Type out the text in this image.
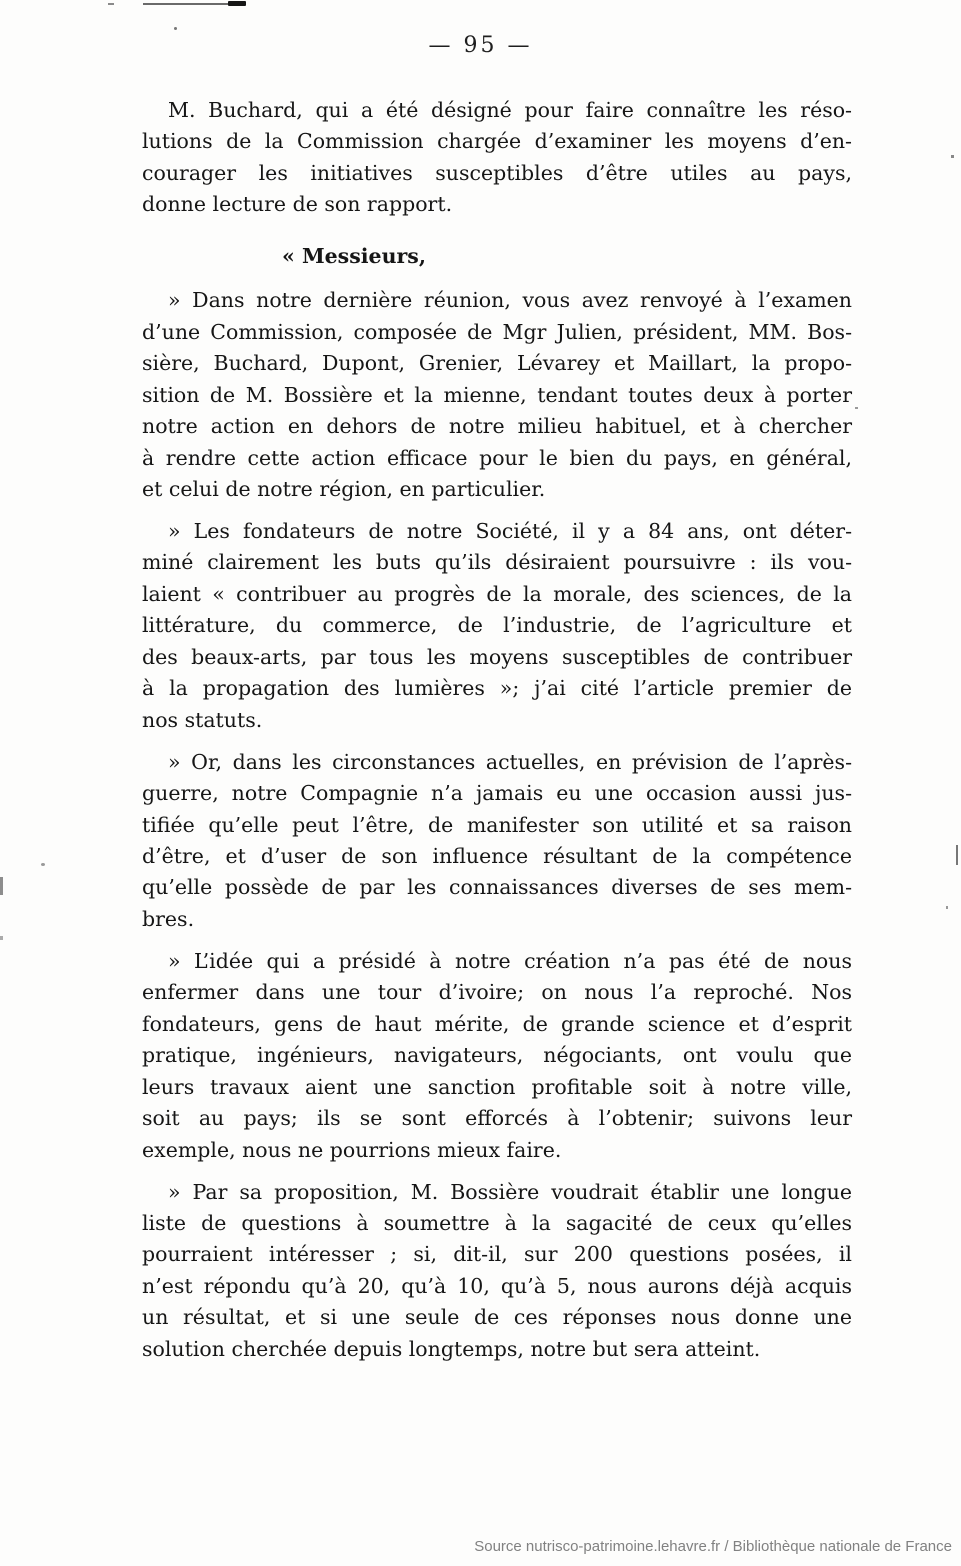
— 95 —
M. Buchard, qui a été désigné pour faire connaître les réso-
lutions de la Commission chargée d’examiner les moyens d’en-
courager les initiatives susceptibles d’être utiles au pays,
donne lecture de son rapport.
« Messieurs,
» Dans notre dernière réunion, vous avez renvoyé à l’examen
d’une Commission, composée de Mgr Julien, président, MM. Bos-
sière, Buchard, Dupont, Grenier, Lévarey et Maillart, la propo-
sition de M. Bossière et la mienne, tendant toutes deux à porter
notre action en dehors de notre milieu habituel, et à chercher
à rendre cette action efficace pour le bien du pays, en général,
et celui de notre région, en particulier.
» Les fondateurs de notre Société, il y a 84 ans, ont déter-
miné clairement les buts qu’ils désiraient poursuivre : ils vou-
laient « contribuer au progrès de la morale, des sciences, de la
littérature, du commerce, de l’industrie, de l’agriculture et
des beaux-arts, par tous les moyens susceptibles de contribuer
à la propagation des lumières »; j’ai cité l’article premier de
nos statuts.
» Or, dans les circonstances actuelles, en prévision de l’après-
guerre, notre Compagnie n’a jamais eu une occasion aussi jus-
tifiée qu’elle peut l’être, de manifester son utilité et sa raison
d’être, et d’user de son influence résultant de la compétence
qu’elle possède de par les connaissances diverses de ses mem-
bres.
» L’idée qui a présidé à notre création n’a pas été de nous
enfermer dans une tour d’ivoire; on nous l’a reproché. Nos
fondateurs, gens de haut mérite, de grande science et d’esprit
pratique, ingénieurs, navigateurs, négociants, ont voulu que
leurs travaux aient une sanction profitable soit à notre ville,
soit au pays; ils se sont efforcés à l’obtenir; suivons leur
exemple, nous ne pourrions mieux faire.
» Par sa proposition, M. Bossière voudrait établir une longue
liste de questions à soumettre à la sagacité de ceux qu’elles
pourraient intéresser ; si, dit-il, sur 200 questions posées, il
n’est répondu qu’à 20, qu’à 10, qu’à 5, nous aurons déjà acquis
un résultat, et si une seule de ces réponses nous donne une
solution cherchée depuis longtemps, notre but sera atteint.
Source nutrisco-patrimoine.lehavre.fr / Bibliothèque nationale de France
